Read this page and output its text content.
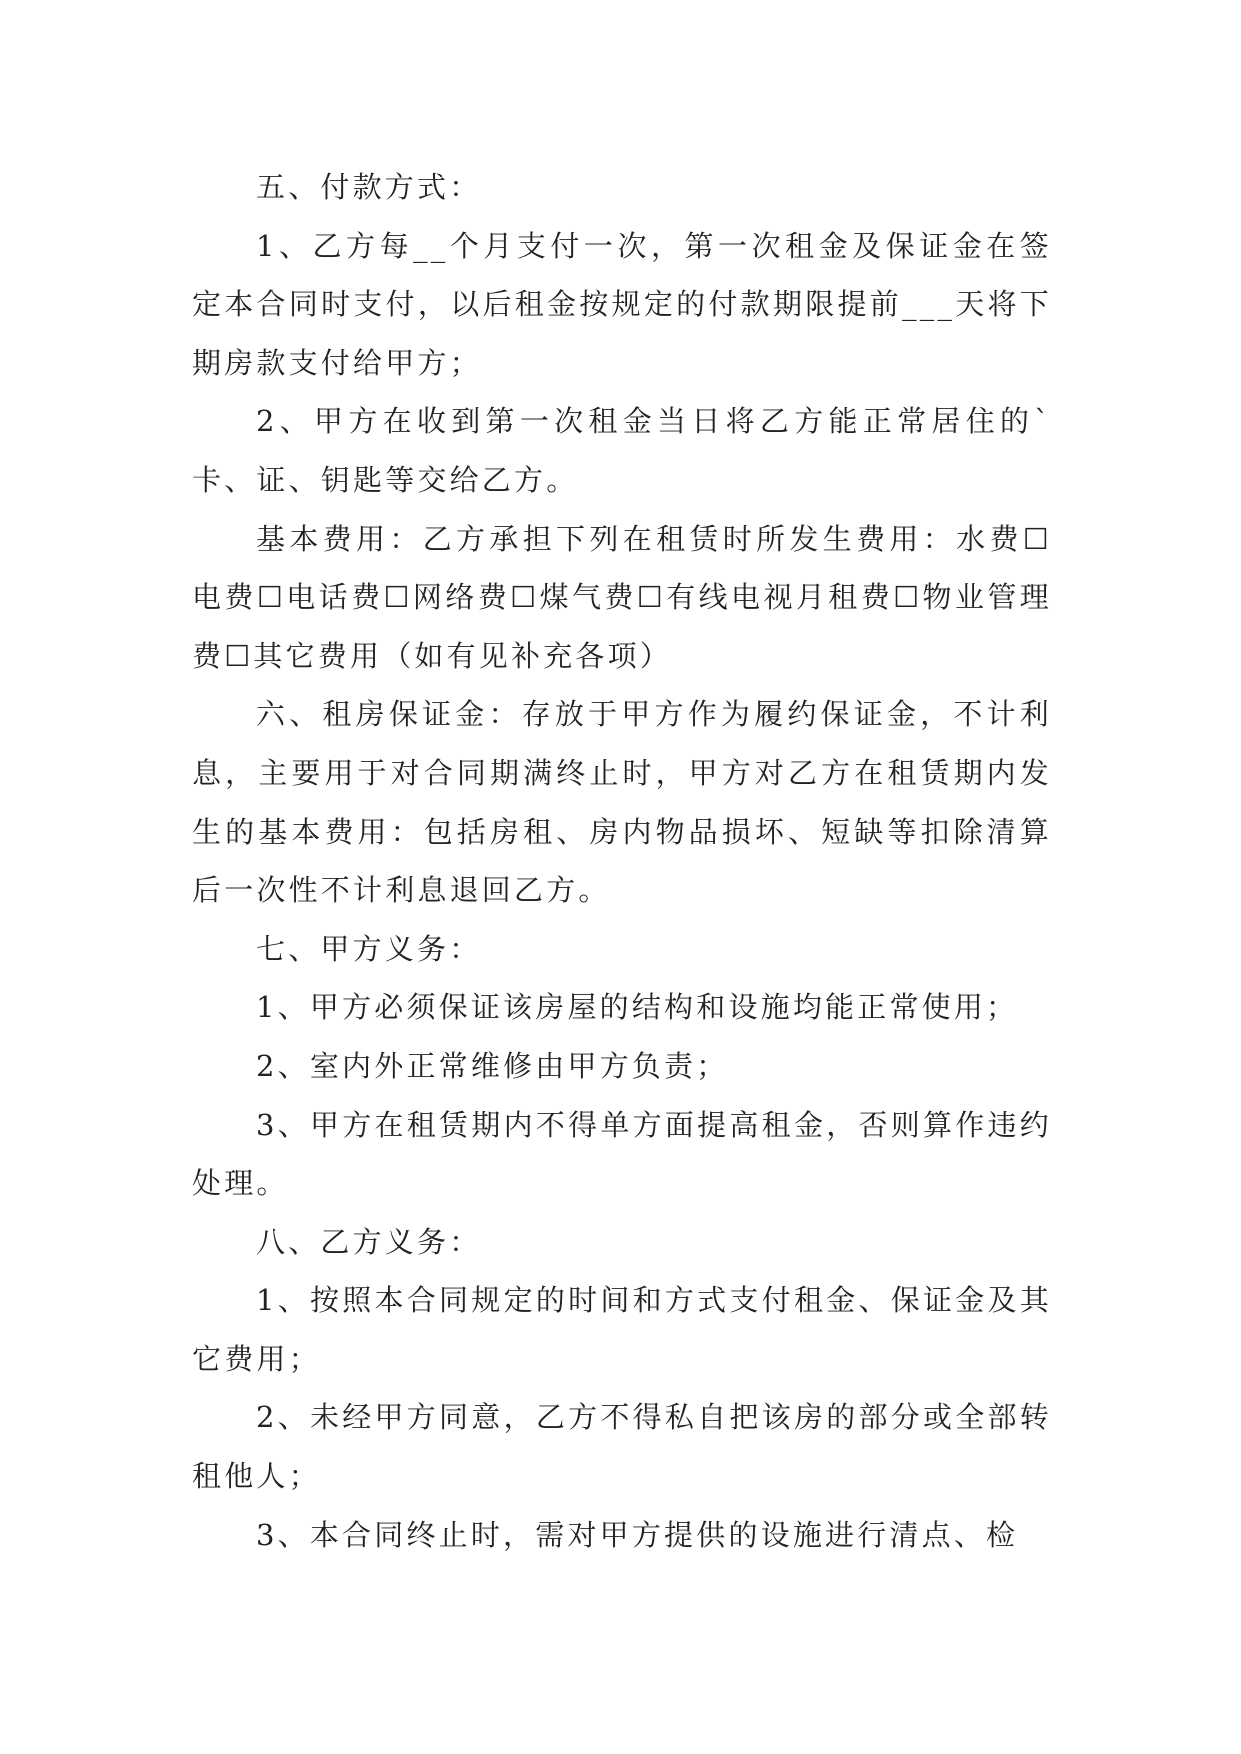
五、付款方式：

1、乙方每__个月支付一次，第一次租金及保证金在签定本合同时支付，以后租金按规定的付款期限提前___天将下期房款支付给甲方；

2、甲方在收到第一次租金当日将乙方能正常居住的`卡、证、钥匙等交给乙方。

基本费用：乙方承担下列在租赁时所发生费用：水费☐电费☐电话费☐网络费☐煤气费☐有线电视月租费☐物业管理费☐其它费用（如有见补充各项）

六、租房保证金：存放于甲方作为履约保证金，不计利息，主要用于对合同期满终止时，甲方对乙方在租赁期内发生的基本费用：包括房租、房内物品损坏、短缺等扣除清算后一次性不计利息退回乙方。

七、甲方义务：

1、甲方必须保证该房屋的结构和设施均能正常使用；

2、室内外正常维修由甲方负责；

3、甲方在租赁期内不得单方面提高租金，否则算作违约处理。

八、乙方义务：

1、按照本合同规定的时间和方式支付租金、保证金及其它费用；

2、未经甲方同意，乙方不得私自把该房的部分或全部转租他人；

3、本合同终止时，需对甲方提供的设施进行清点、检
